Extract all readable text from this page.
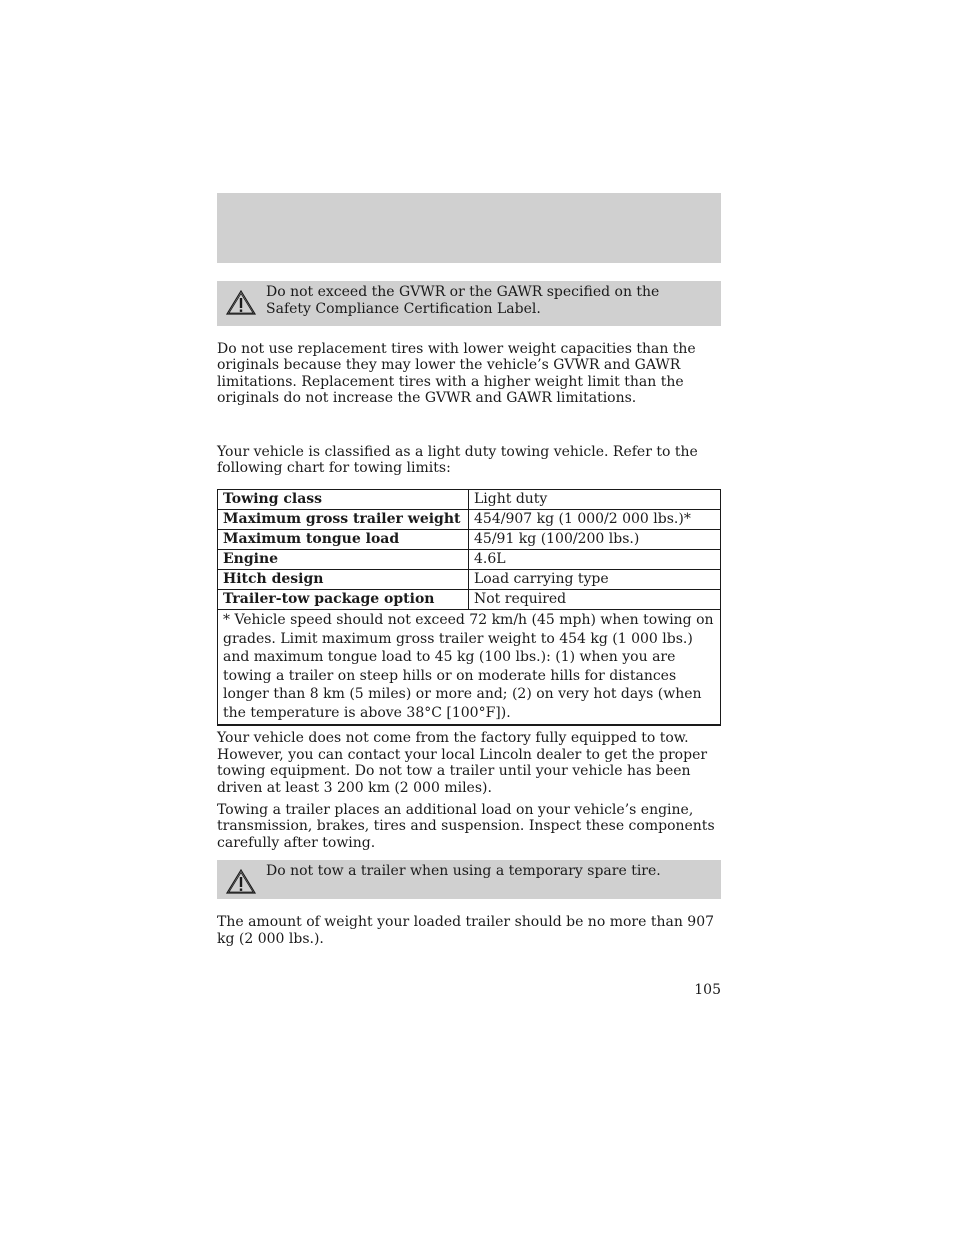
Do not exceed the GVWR or the GAWR specified on the Safety Compliance Certification Label.

Do not use replacement tires with lower weight capacities than the originals because they may lower the vehicle’s GVWR and GAWR limitations. Replacement tires with a higher weight limit than the originals do not increase the GVWR and GAWR limitations.

Your vehicle is classified as a light duty towing vehicle. Refer to the following chart for towing limits:

Towing class	Light duty
Maximum gross trailer weight	454/907 kg (1 000/2 000 lbs.)*
Maximum tongue load	45/91 kg (100/200 lbs.)
Engine	4.6L
Hitch design	Load carrying type
Trailer-tow package option	Not required
* Vehicle speed should not exceed 72 km/h (45 mph) when towing on grades. Limit maximum gross trailer weight to 454 kg (1 000 lbs.) and maximum tongue load to 45 kg (100 lbs.): (1) when you are towing a trailer on steep hills or on moderate hills for distances longer than 8 km (5 miles) or more and; (2) on very hot days (when the temperature is above 38°C [100°F]).	

Your vehicle does not come from the factory fully equipped to tow. However, you can contact your local Lincoln dealer to get the proper towing equipment. Do not tow a trailer until your vehicle has been driven at least 3 200 km (2 000 miles).

Towing a trailer places an additional load on your vehicle’s engine, transmission, brakes, tires and suspension. Inspect these components carefully after towing.

Do not tow a trailer when using a temporary spare tire.

The amount of weight your loaded trailer should be no more than 907 kg (2 000 lbs.).

105
